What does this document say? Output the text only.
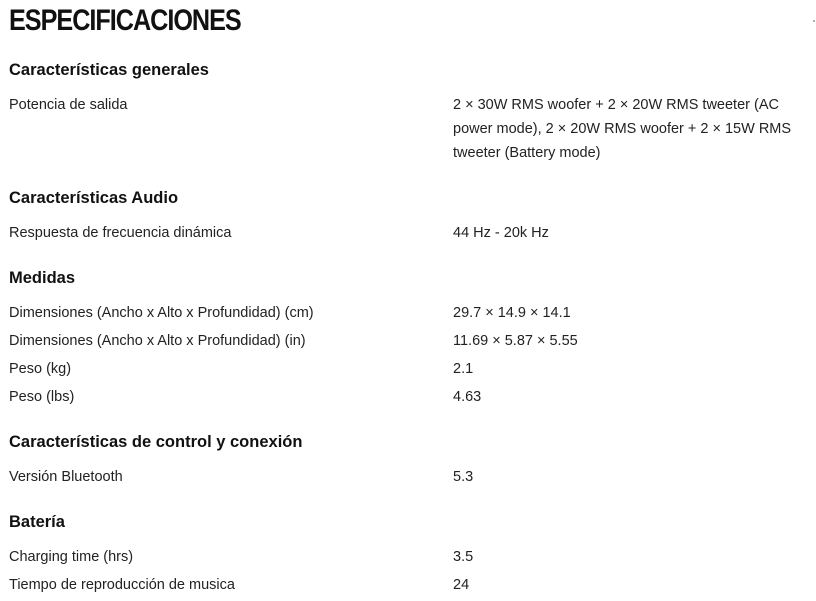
ESPECIFICACIONES
Características generales
Potencia de salida	2 × 30W RMS woofer + 2 × 20W RMS tweeter (AC power mode), 2 × 20W RMS woofer + 2 × 15W RMS tweeter (Battery mode)
Características Audio
Respuesta de frecuencia dinámica	44 Hz - 20k Hz
Medidas
Dimensiones (Ancho x Alto x Profundidad) (cm)	29.7 × 14.9 × 14.1
Dimensiones (Ancho x Alto x Profundidad) (in)	11.69 × 5.87 × 5.55
Peso (kg)	2.1
Peso (lbs)	4.63
Características de control y conexión
Versión Bluetooth	5.3
Batería
Charging time (hrs)	3.5
Tiempo de reproducción de musica	24
